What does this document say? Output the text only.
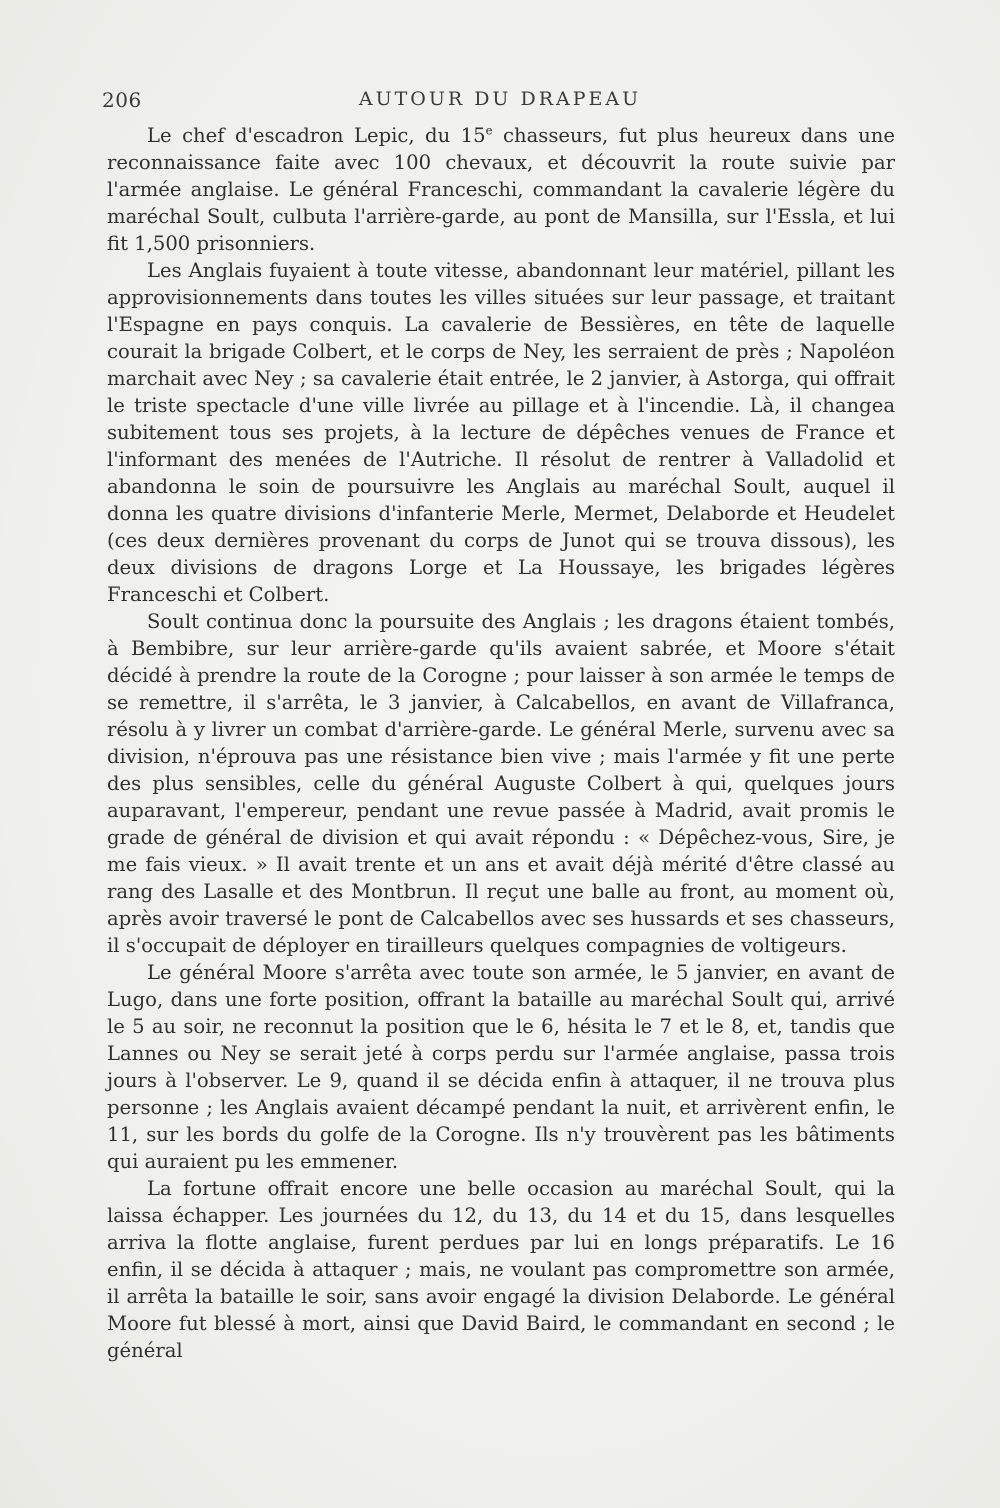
206	AUTOUR DU DRAPEAU

Le chef d'escadron Lepic, du 15e chasseurs, fut plus heureux dans une reconnaissance faite avec 100 chevaux, et découvrit la route suivie par l'armée anglaise. Le général Franceschi, commandant la cavalerie légère du maréchal Soult, culbuta l'arrière-garde, au pont de Mansilla, sur l'Essla, et lui fit 1,500 prisonniers.

Les Anglais fuyaient à toute vitesse, abandonnant leur matériel, pillant les approvisionnements dans toutes les villes situées sur leur passage, et traitant l'Espagne en pays conquis. La cavalerie de Bessières, en tête de laquelle courait la brigade Colbert, et le corps de Ney, les serraient de près ; Napoléon marchait avec Ney ; sa cavalerie était entrée, le 2 janvier, à Astorga, qui offrait le triste spectacle d'une ville livrée au pillage et à l'incendie. Là, il changea subitement tous ses projets, à la lecture de dépêches venues de France et l'informant des menées de l'Autriche. Il résolut de rentrer à Valladolid et abandonna le soin de poursuivre les Anglais au maréchal Soult, auquel il donna les quatre divisions d'infanterie Merle, Mermet, Delaborde et Heudelet (ces deux dernières provenant du corps de Junot qui se trouva dissous), les deux divisions de dragons Lorge et La Houssaye, les brigades légères Franceschi et Colbert.

Soult continua donc la poursuite des Anglais ; les dragons étaient tombés, à Bembibre, sur leur arrière-garde qu'ils avaient sabrée, et Moore s'était décidé à prendre la route de la Corogne ; pour laisser à son armée le temps de se remettre, il s'arrêta, le 3 janvier, à Calcabellos, en avant de Villafranca, résolu à y livrer un combat d'arrière-garde. Le général Merle, survenu avec sa division, n'éprouva pas une résistance bien vive ; mais l'armée y fit une perte des plus sensibles, celle du général Auguste Colbert à qui, quelques jours auparavant, l'empereur, pendant une revue passée à Madrid, avait promis le grade de général de division et qui avait répondu : « Dépêchez-vous, Sire, je me fais vieux. » Il avait trente et un ans et avait déjà mérité d'être classé au rang des Lasalle et des Montbrun. Il reçut une balle au front, au moment où, après avoir traversé le pont de Calcabellos avec ses hussards et ses chasseurs, il s'occupait de déployer en tirailleurs quelques compagnies de voltigeurs.

Le général Moore s'arrêta avec toute son armée, le 5 janvier, en avant de Lugo, dans une forte position, offrant la bataille au maréchal Soult qui, arrivé le 5 au soir, ne reconnut la position que le 6, hésita le 7 et le 8, et, tandis que Lannes ou Ney se serait jeté à corps perdu sur l'armée anglaise, passa trois jours à l'observer. Le 9, quand il se décida enfin à attaquer, il ne trouva plus personne ; les Anglais avaient décampé pendant la nuit, et arrivèrent enfin, le 11, sur les bords du golfe de la Corogne. Ils n'y trouvèrent pas les bâtiments qui auraient pu les emmener.

La fortune offrait encore une belle occasion au maréchal Soult, qui la laissa échapper. Les journées du 12, du 13, du 14 et du 15, dans lesquelles arriva la flotte anglaise, furent perdues par lui en longs préparatifs. Le 16 enfin, il se décida à attaquer ; mais, ne voulant pas compromettre son armée, il arrêta la bataille le soir, sans avoir engagé la division Delaborde. Le général Moore fut blessé à mort, ainsi que David Baird, le commandant en second ; le général
